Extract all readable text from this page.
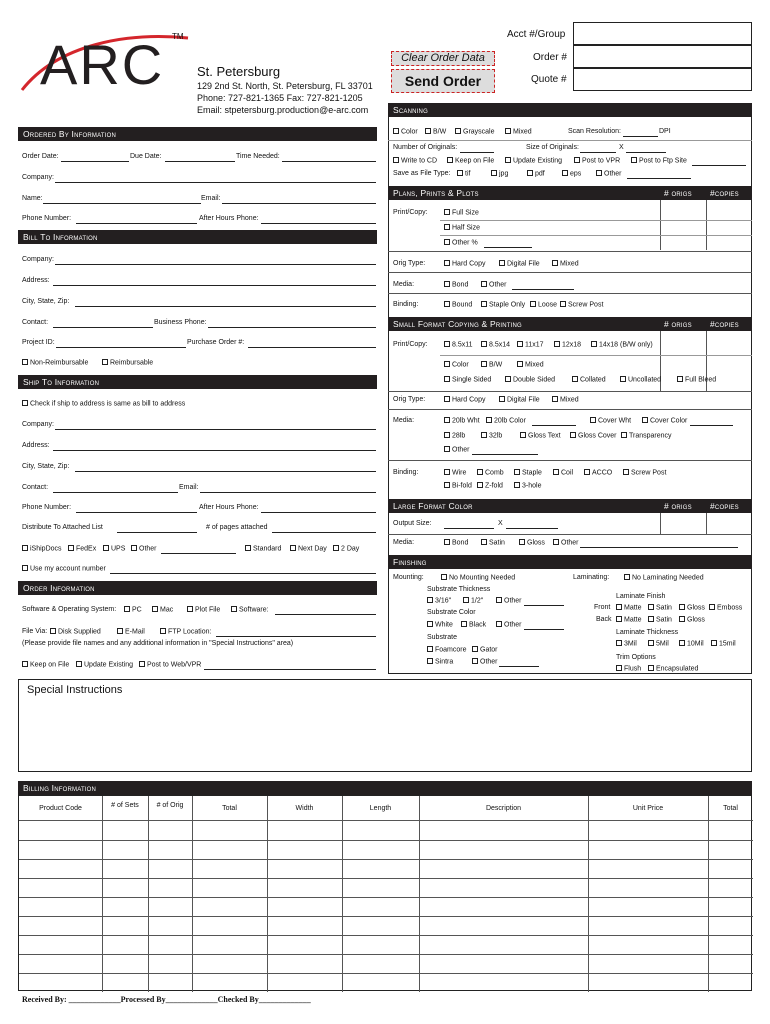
ARC TM
St. Petersburg
129 2nd St. North, St. Petersburg, FL 33701
Phone: 727-821-1365 Fax: 727-821-1205
Email: stpetersburg.production@e-arc.com
Clear Order Data
Send Order
Acct #/Group
Order #
Quote #
Ordered By Information
Order Date:	Due Date:	Time Needed:
Company:
Name:	Email:
Phone Number:	After Hours Phone:
Bill To Information
Company:
Address:
City, State, Zip:
Contact:	Business Phone:
Project ID:	Purchase Order #:
Non-Reimbursable	Reimbursable
Ship To Information
Check if ship to address is same as bill to address
Company:
Address:
City, State, Zip:
Contact:	Email:
Phone Number:	After Hours Phone:
Distribute To Attached List	# of pages attached
iShipDocs	FedEx	UPS	Other	Standard	Next Day	2 Day
Use my account number
Order Information
Software & Operating System:	PC	Mac	Plot File	Software:
File Via:	Disk Supplied	E-Mail	FTP Location:
(Please provide file names and any additional information in "Special Instructions" area)
Keep on File	Update Existing	Post to Web/VPR
Scanning
Color	B/W	Grayscale	Mixed	Scan Resolution:	DPI
Number of Originals:	Size of Originals:	X
Write to CD	Keep on File	Update Existing	Post to VPR	Post to Ftp Site
Save as File Type:	tif	jpg	pdf	eps	Other
Plans, Prints & Plots	# origs #copies
Print/Copy:	Full Size
Half Size
Other %
Orig Type:	Hard Copy	Digital File	Mixed
Media:	Bond	Other
Binding:	Bound	Staple Only	Loose	Screw Post
Small Format Copying & Printing	# origs #copies
Print/Copy:	8.5x11	8.5x14	11x17	12x18	14x18 (B/W only)
Color	B/W	Mixed
Single Sided	Double Sided	Collated	Uncollated	Full Bleed
Orig Type:	Hard Copy	Digital File	Mixed
Media:	20lb Wht	20lb Color	Cover Wht	Cover Color
28lb	32lb	Gloss Text	Gloss Cover	Transparency
Other
Binding:	Wire	Comb	Staple	Coil	ACCO	Screw Post
Bi-fold	Z-fold	3-hole
Large Format Color	# origs #copies
Output Size:	X
Media:	Bond	Satin	Gloss	Other
Finishing
Mounting:	No Mounting Needed
Substrate Thickness
3/16"	1/2"	Other
Substrate Color
White	Black	Other
Substrate
Foamcore	Gator
Sintra	Other
Laminating:	No Laminating Needed
Laminate Finish
Front	Matte	Satin	Gloss	Emboss
Back	Matte	Satin	Gloss
Laminate Thickness
3Mil	5Mil	10Mil	15mil
Trim Options
Flush	Encapsulated
Special Instructions
Billing Information
Product Code	# of Sets	# of Orig	Total	Width	Length	Description	Unit Price	Total
Received By: _____________Processed By_____________Checked By_____________
